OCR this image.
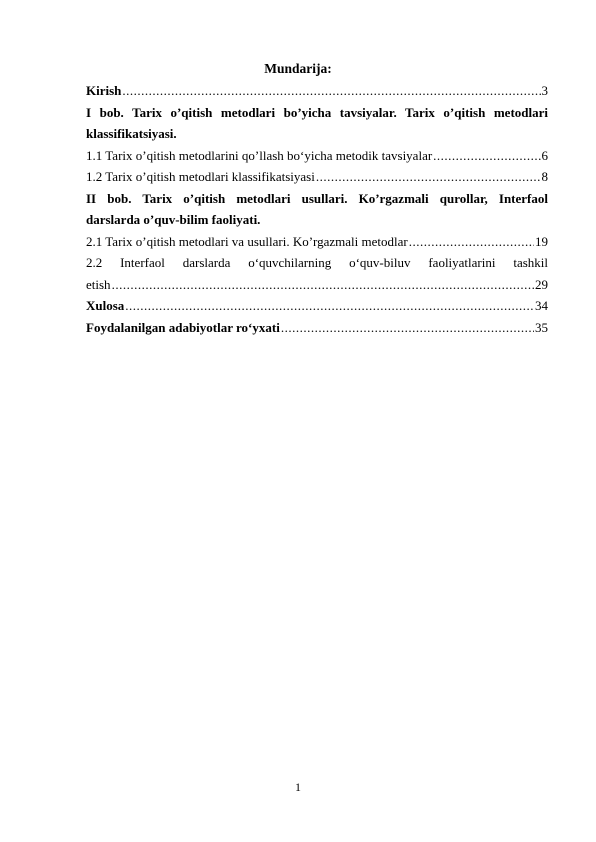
Mundarija:
Kirish .....	3
I bob. Tarix o’qitish metodlari bo’yicha tavsiyalar. Tarix o’qitish metodlari
klassifikatsiyasi.
1.1 Tarix o’qitish metodlarini qo’llash bo‘yicha metodik tavsiyalar .....	6
1.2 Tarix o’qitish metodlari klassifikatsiyasi .....	8
II bob. Tarix o’qitish metodlari usullari. Ko’rgazmali qurollar, Interfaol
darslarda o’quv-bilim faoliyati.
2.1 Tarix o’qitish metodlari va usullari. Ko’rgazmali metodlar .....	19
2.2 Interfaol darslarda o‘quvchilarning o‘quv-biluv faoliyatlarini tashkil
etish .....	29
Xulosa .....	34
Foydalanilgan adabiyotlar ro‘yxati .....	35
1
